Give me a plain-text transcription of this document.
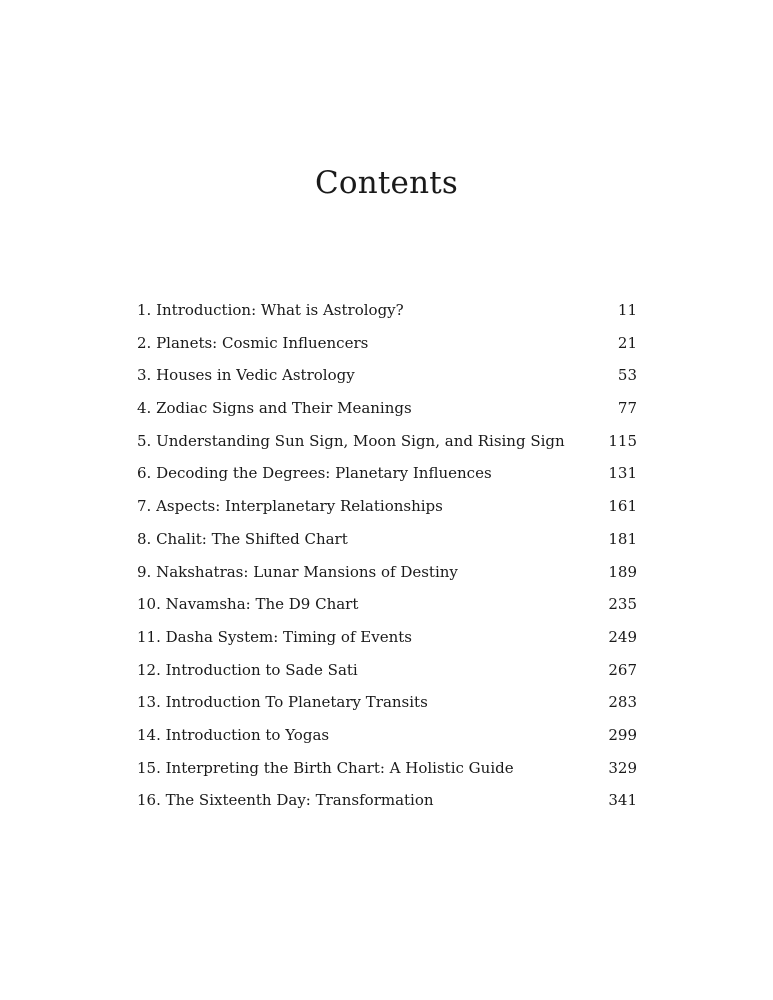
Contents
1. Introduction: What is Astrology?	11
2. Planets: Cosmic Influencers	21
3. Houses in Vedic Astrology	53
4. Zodiac Signs and Their Meanings	77
5. Understanding Sun Sign, Moon Sign, and Rising Sign	115
6. Decoding the Degrees: Planetary Influences	131
7. Aspects: Interplanetary Relationships	161
8. Chalit: The Shifted Chart	181
9. Nakshatras: Lunar Mansions of Destiny	189
10. Navamsha: The D9 Chart	235
11. Dasha System: Timing of Events	249
12. Introduction to Sade Sati	267
13. Introduction To Planetary Transits	283
14. Introduction to Yogas	299
15. Interpreting the Birth Chart: A Holistic Guide	329
16. The Sixteenth Day: Transformation	341
